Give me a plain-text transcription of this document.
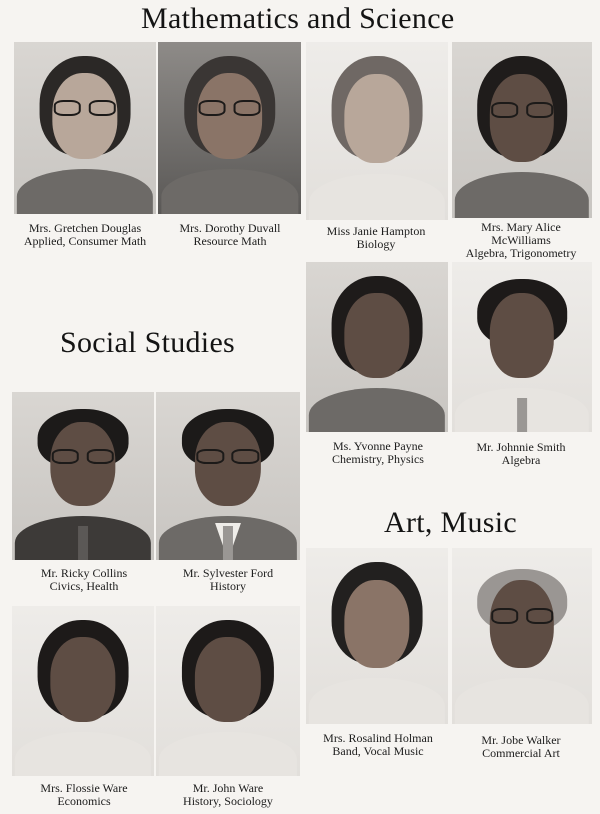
Mathematics and Science
Social Studies
Art, Music
Mrs. Gretchen Douglas
Applied, Consumer Math
Mrs. Dorothy Duvall
Resource Math
Miss Janie Hampton
Biology
Mrs. Mary Alice
McWilliams
Algebra, Trigonometry
Ms. Yvonne Payne
Chemistry, Physics
Mr. Johnnie Smith
Algebra
Mr. Ricky Collins
Civics, Health
Mr. Sylvester Ford
History
Mrs. Rosalind Holman
Band, Vocal Music
Mr. Jobe Walker
Commercial Art
Mrs. Flossie Ware
Economics
Mr. John Ware
History, Sociology
